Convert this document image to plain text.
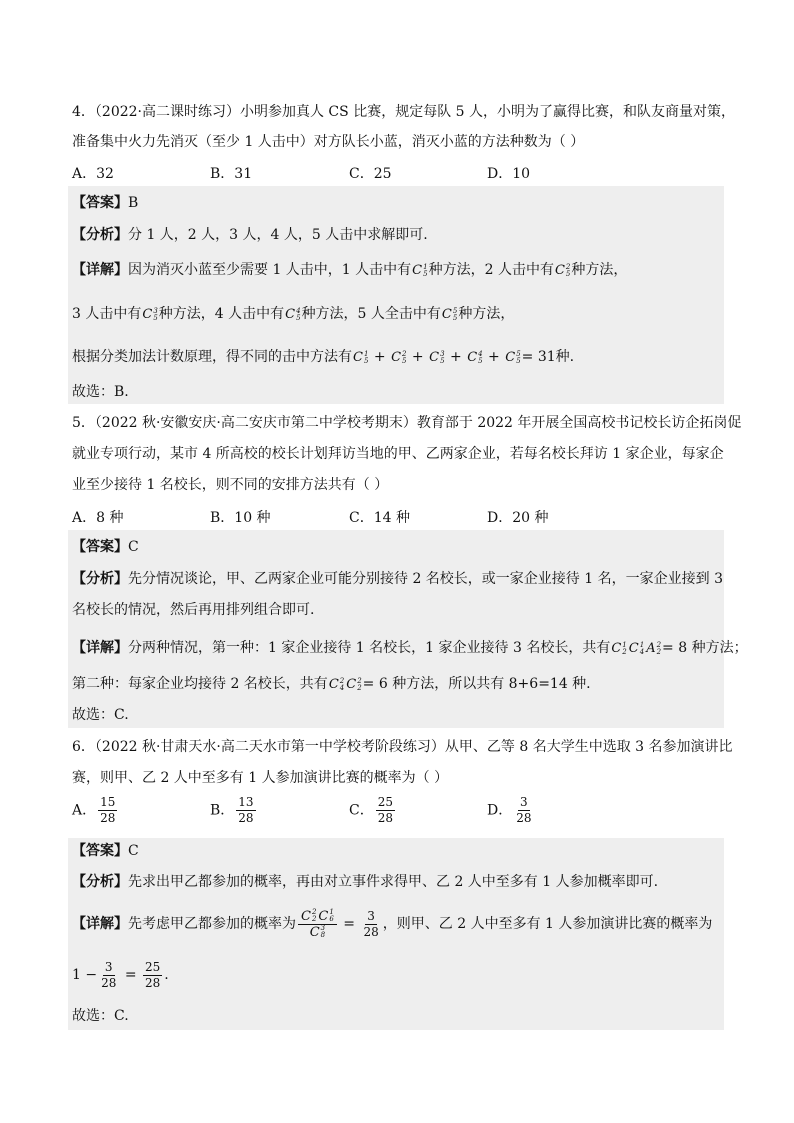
4．（2022·高二课时练习）小明参加真人 CS 比赛，规定每队 5 人，小明为了赢得比赛，和队友商量对策，
准备集中火力先消灭（至少 1 人击中）对方队长小蓝，消灭小蓝的方法种数为（ ）
A．32	B．31	C．25	D．10
【答案】B
【分析】分 1 人，2 人，3 人，4 人，5 人击中求解即可.
【详解】因为消灭小蓝至少需要 1 人击中，1 人击中有 C 1
5 种方法，2 人击中有 C 2
5 种方法，
3 人击中有 C 3
5 种方法，4 人击中有 C 4
5 种方法，5 人全击中有 C 5
5 种方法，
根据分类加法计数原理，得不同的击中方法有 C 1
5 + C 2
5 + C 3
5 + C 4
5 + C 5
5 = 31种.
故选：B.
5．（2022 秋·安徽安庆·高二安庆市第二中学校考期末）教育部于 2022 年开展全国高校书记校长访企拓岗促
就业专项行动，某市 4 所高校的校长计划拜访当地的甲、乙两家企业，若每名校长拜访 1 家企业，每家企
业至少接待 1 名校长，则不同的安排方法共有（ ）
A．8 种	B．10 种	C．14 种	D．20 种
【答案】C
【分析】先分情况谈论，甲、乙两家企业可能分别接待 2 名校长，或一家企业接待 1 名，一家企业接到 3
名校长的情况，然后再用排列组合即可.
【详解】分两种情况，第一种：1 家企业接待 1 名校长，1 家企业接待 3 名校长，共有 C 1
2 C 1
4 A 2
2 = 8 种方法；
第二种：每家企业均接待 2 名校长，共有 C 2
4 C 2
2 = 6 种方法，所以共有 8+6=14 种.
故选：C.
6．（2022 秋·甘肃天水·高二天水市第一中学校考阶段练习）从甲、乙等 8 名大学生中选取 3 名参加演讲比
赛，则甲、乙 2 人中至多有 1 人参加演讲比赛的概率为（ ）
A． $\frac{15}{28}$	B． $\frac{13}{28}$	C． $\frac{25}{28}$	D． $\frac{3}{28}$
【答案】C
【分析】先求出甲乙都参加的概率，再由对立事件求得甲、乙 2 人中至多有 1 人参加概率即可.
【详解】先考虑甲乙都参加的概率为 C 2
2 C 1
6
C 3
$8 = \frac{3}{28}$ ，则甲、乙 2 人中至多有 1 人参加演讲比赛的概率为
$1 - \frac{3}{28} = \frac{25}{28}$ .
故选：C.
